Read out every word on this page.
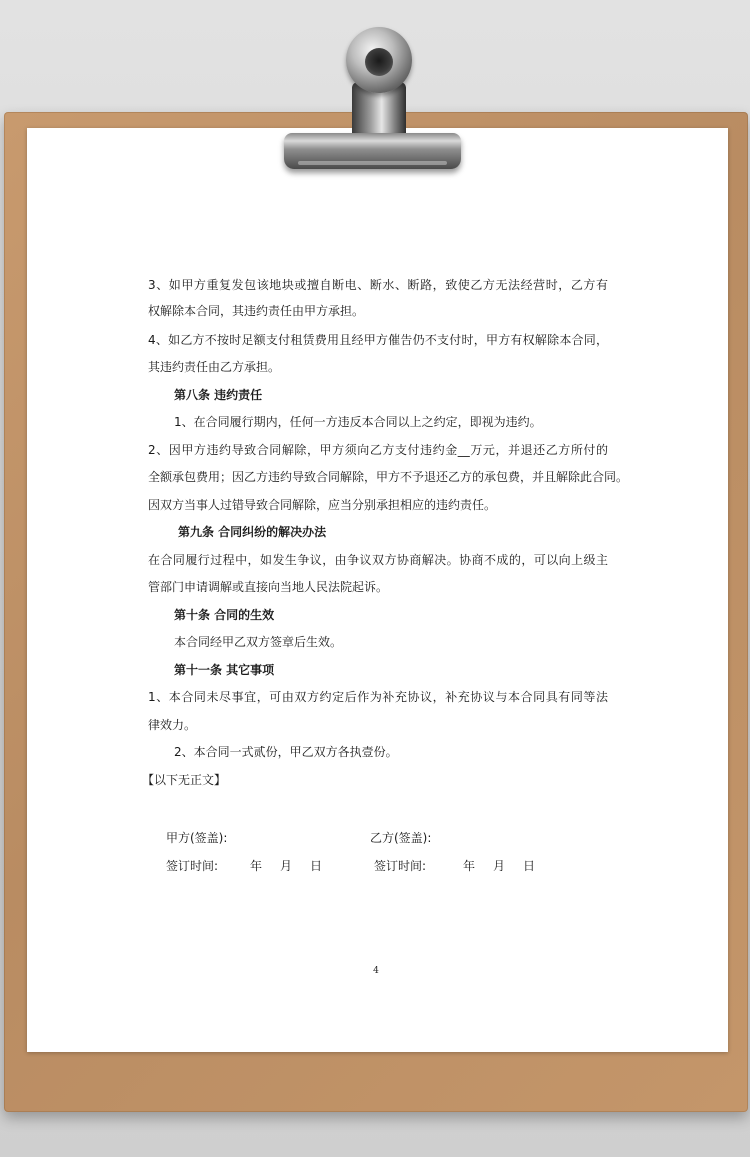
3、如甲方重复发包该地块或擅自断电、断水、断路，致使乙方无法经营时，乙方有
权解除本合同，其违约责任由甲方承担。
4、如乙方不按时足额支付租赁费用且经甲方催告仍不支付时，甲方有权解除本合同，
其违约责任由乙方承担。
第八条 违约责任
1、在合同履行期内，任何一方违反本合同以上之约定，即视为违约。
2、因甲方违约导致合同解除，甲方须向乙方支付违约金__万元，并退还乙方所付的
全额承包费用；因乙方违约导致合同解除，甲方不予退还乙方的承包费，并且解除此合同。
因双方当事人过错导致合同解除，应当分别承担相应的违约责任。
第九条 合同纠纷的解决办法
在合同履行过程中，如发生争议，由争议双方协商解决。协商不成的，可以向上级主
管部门申请调解或直接向当地人民法院起诉。
第十条 合同的生效
本合同经甲乙双方签章后生效。
第十一条 其它事项
1、本合同未尽事宜，可由双方约定后作为补充协议，补充协议与本合同具有同等法
律效力。
2、本合同一式贰份，甲乙双方各执壹份。
【以下无正文】
甲方(签盖):	乙方(签盖):
签订时间:	年 月 日	签订时间:	年 月 日
4
